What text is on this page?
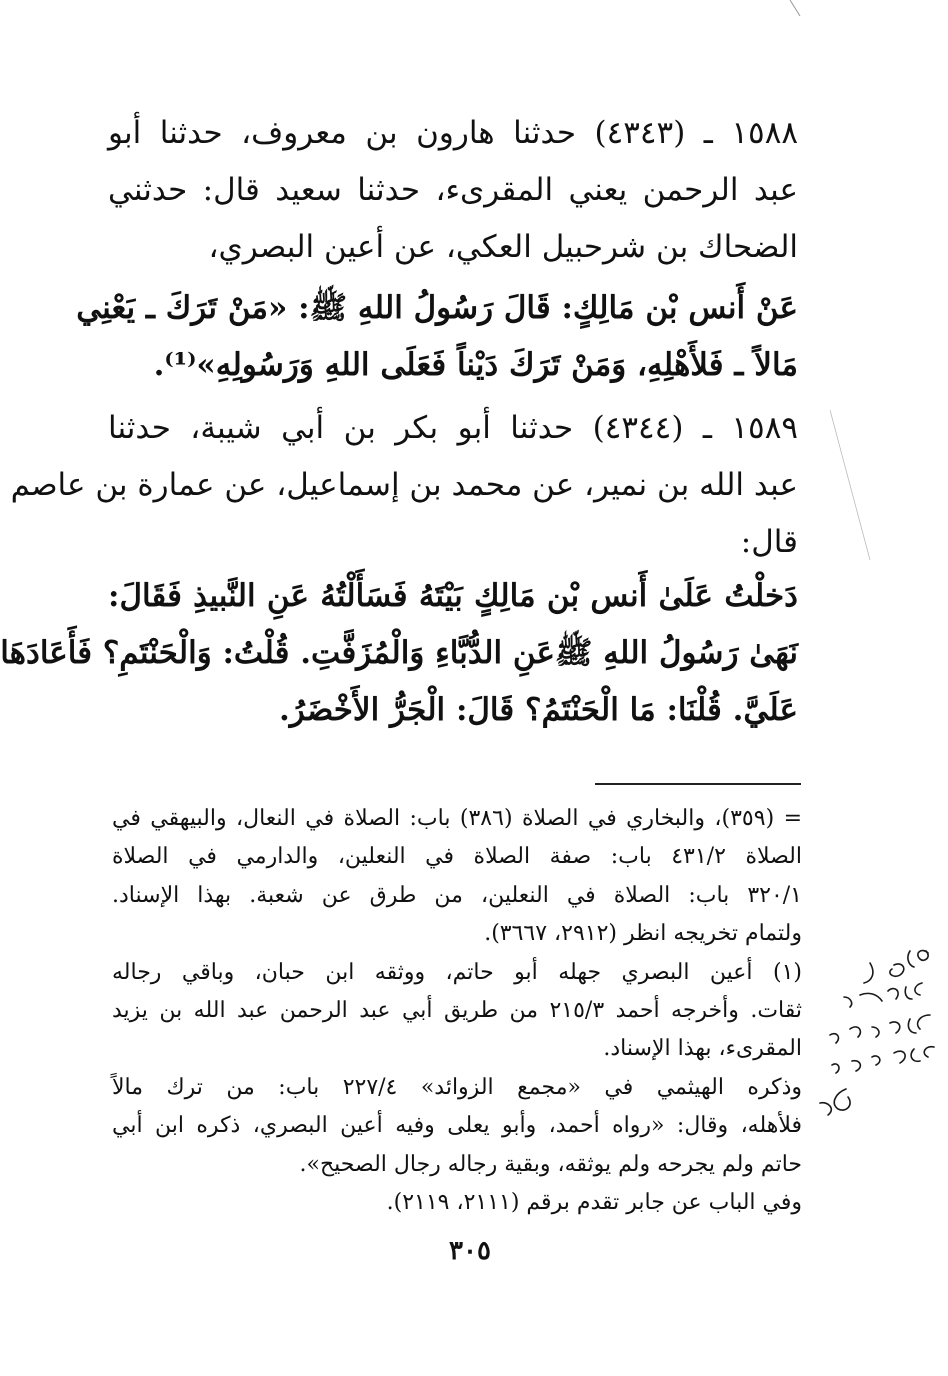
١٥٨٨ ـ (٤٣٤٣) حدثنا هارون بن معروف، حدثنا أبو
عبد الرحمن يعني المقرىء، حدثنا سعيد قال: حدثني
الضحاك بن شرحبيل العكي، عن أعين البصري،
عَنْ أَنس بْن مَالِكٍ: قَالَ رَسُولُ اللهِ ﷺ: «مَنْ تَرَكَ ـ يَعْنِي
مَالاً ـ فَلأَهْلِهِ، وَمَنْ تَرَكَ دَيْناً فَعَلَى اللهِ وَرَسُولِهِ»⁽¹⁾.
١٥٨٩ ـ (٤٣٤٤) حدثنا أبو بكر بن أبي شيبة، حدثنا
عبد الله بن نمير، عن محمد بن إسماعيل، عن عمارة بن عاصم
قال:
دَخلْتُ عَلَىٰ أَنس بْن مَالِكٍ بَيْتَهُ فَسَأَلْتُهُ عَنِ النَّبيذِ فَقَالَ:
نَهَىٰ رَسُولُ اللهِ ﷺعَنِ الدُّبَّاءِ وَالْمُزَفَّتِ. قُلْتُ: وَالْحَنْتَمِ؟ فَأَعَادَهَا
عَلَيَّ. قُلْنَا: مَا الْحَنْتَمُ؟ قَالَ: الْجَرُّ الأَخْضَرُ.
= (٣٥٩)، والبخاري في الصلاة (٣٨٦) باب: الصلاة في النعال، والبيهقي في
الصلاة ٤٣١/٢ باب: صفة الصلاة في النعلين، والدارمي في الصلاة
٣٢٠/١ باب: الصلاة في النعلين، من طرق عن شعبة. بهذا الإسناد.
ولتمام تخريجه انظر (٢٩١٢، ٣٦٦٧).
(١) أعين البصري جهله أبو حاتم، ووثقه ابن حبان، وباقي رجاله
ثقات. وأخرجه أحمد ٢١٥/٣ من طريق أبي عبد الرحمن عبد الله بن يزيد
المقرىء، بهذا الإسناد.
وذكره الهيثمي في «مجمع الزوائد» ٢٢٧/٤ باب: من ترك مالاً
فلأهله، وقال: «رواه أحمد، وأبو يعلى وفيه أعين البصري، ذكره ابن أبي
حاتم ولم يجرحه ولم يوثقه، وبقية رجاله رجال الصحيح».
وفي الباب عن جابر تقدم برقم (٢١١١، ٢١١٩).
٣٠٥
